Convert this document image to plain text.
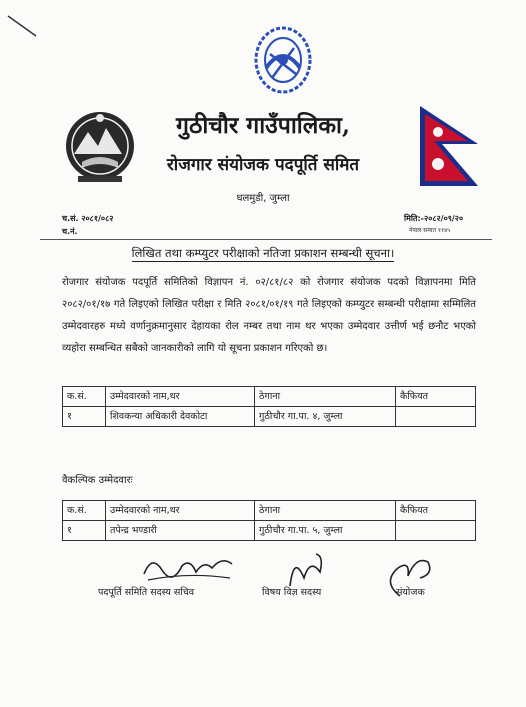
गुठीचौर गाउँपालिका,
रोजगार संयोजक पदपूर्ति समित
धलमुडी, जुम्ला
च.सं. २०८१/०८२
च.नं.
मिति:-२०८२/०९/२०
नेपाल सम्वत ११४५
लिखित तथा कम्प्युटर परीक्षाको नतिजा प्रकाशन सम्बन्धी सूचना।
रोजगार संयोजक पदपूर्ति समितिको विज्ञापन नं. ०२/८१/८२ को रोजगार संयोजक पदको विज्ञापनमा मिति २०८२/०१/१७ गते लिइएको लिखित परीक्षा र मिति २०८१/०१/१९ गते लिइएको कम्प्युटर सम्बन्धी परीक्षामा सम्मिलित उम्मेदवारहरु मध्ये वर्णानुक्रमानुसार देहायका रोल नम्बर तथा नाम थर भएका उम्मेदवार उत्तीर्ण भई छनौट भएको व्यहोरा सम्बन्धित सबैको जानकारीको लागि यो सूचना प्रकाशन गरिएको छ।
क.सं.	उम्मेदवारको नाम,थर	ठेगाना	कैफियत
१	शिवकन्या अधिकारी देवकोटा	गुठीचौर गा.पा. ४, जुम्ला	
वैकल्पिक उम्मेदवारः
क.सं.	उम्मेदवारको नाम,थर	ठेगाना	कैफियत
१	तपेन्द्र भण्डारी	गुठीचौर गा.पा. ५, जुम्ला	
पदपूर्ति समिति सदस्य सचिव	विषय विज्ञ सदस्य	संयोजक
